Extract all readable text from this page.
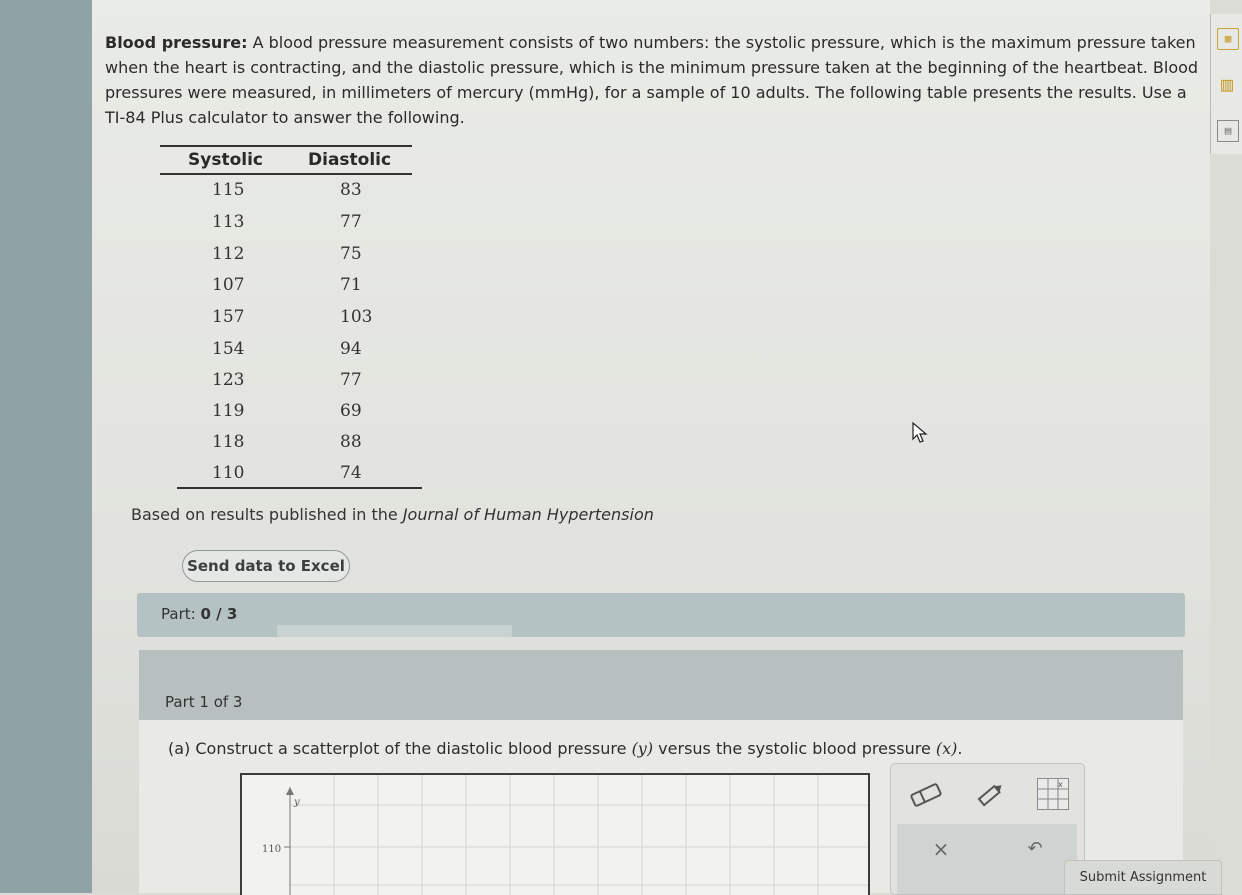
▦
▥
▤
Blood pressure: A blood pressure measurement consists of two numbers: the systolic pressure, which is the maximum pressure taken when the heart is contracting, and the diastolic pressure, which is the minimum pressure taken at the beginning of the heartbeat. Blood pressures were measured, in millimeters of mercury (mmHg), for a sample of 10 adults. The following table presents the results. Use a TI-84 Plus calculator to answer the following.
Systolic	Diastolic
115	83
113	77
112	75
107	71
157	103
154	94
123	77
119	69
118	88
110	74
Based on results published in the Journal of Human Hypertension
Send data to Excel
Part: 0 / 3
Part 1 of 3
(a) Construct a scatterplot of the diastolic blood pressure (y) versus the systolic blood pressure (x).
y
110
x
×	↶
Submit Assignment
